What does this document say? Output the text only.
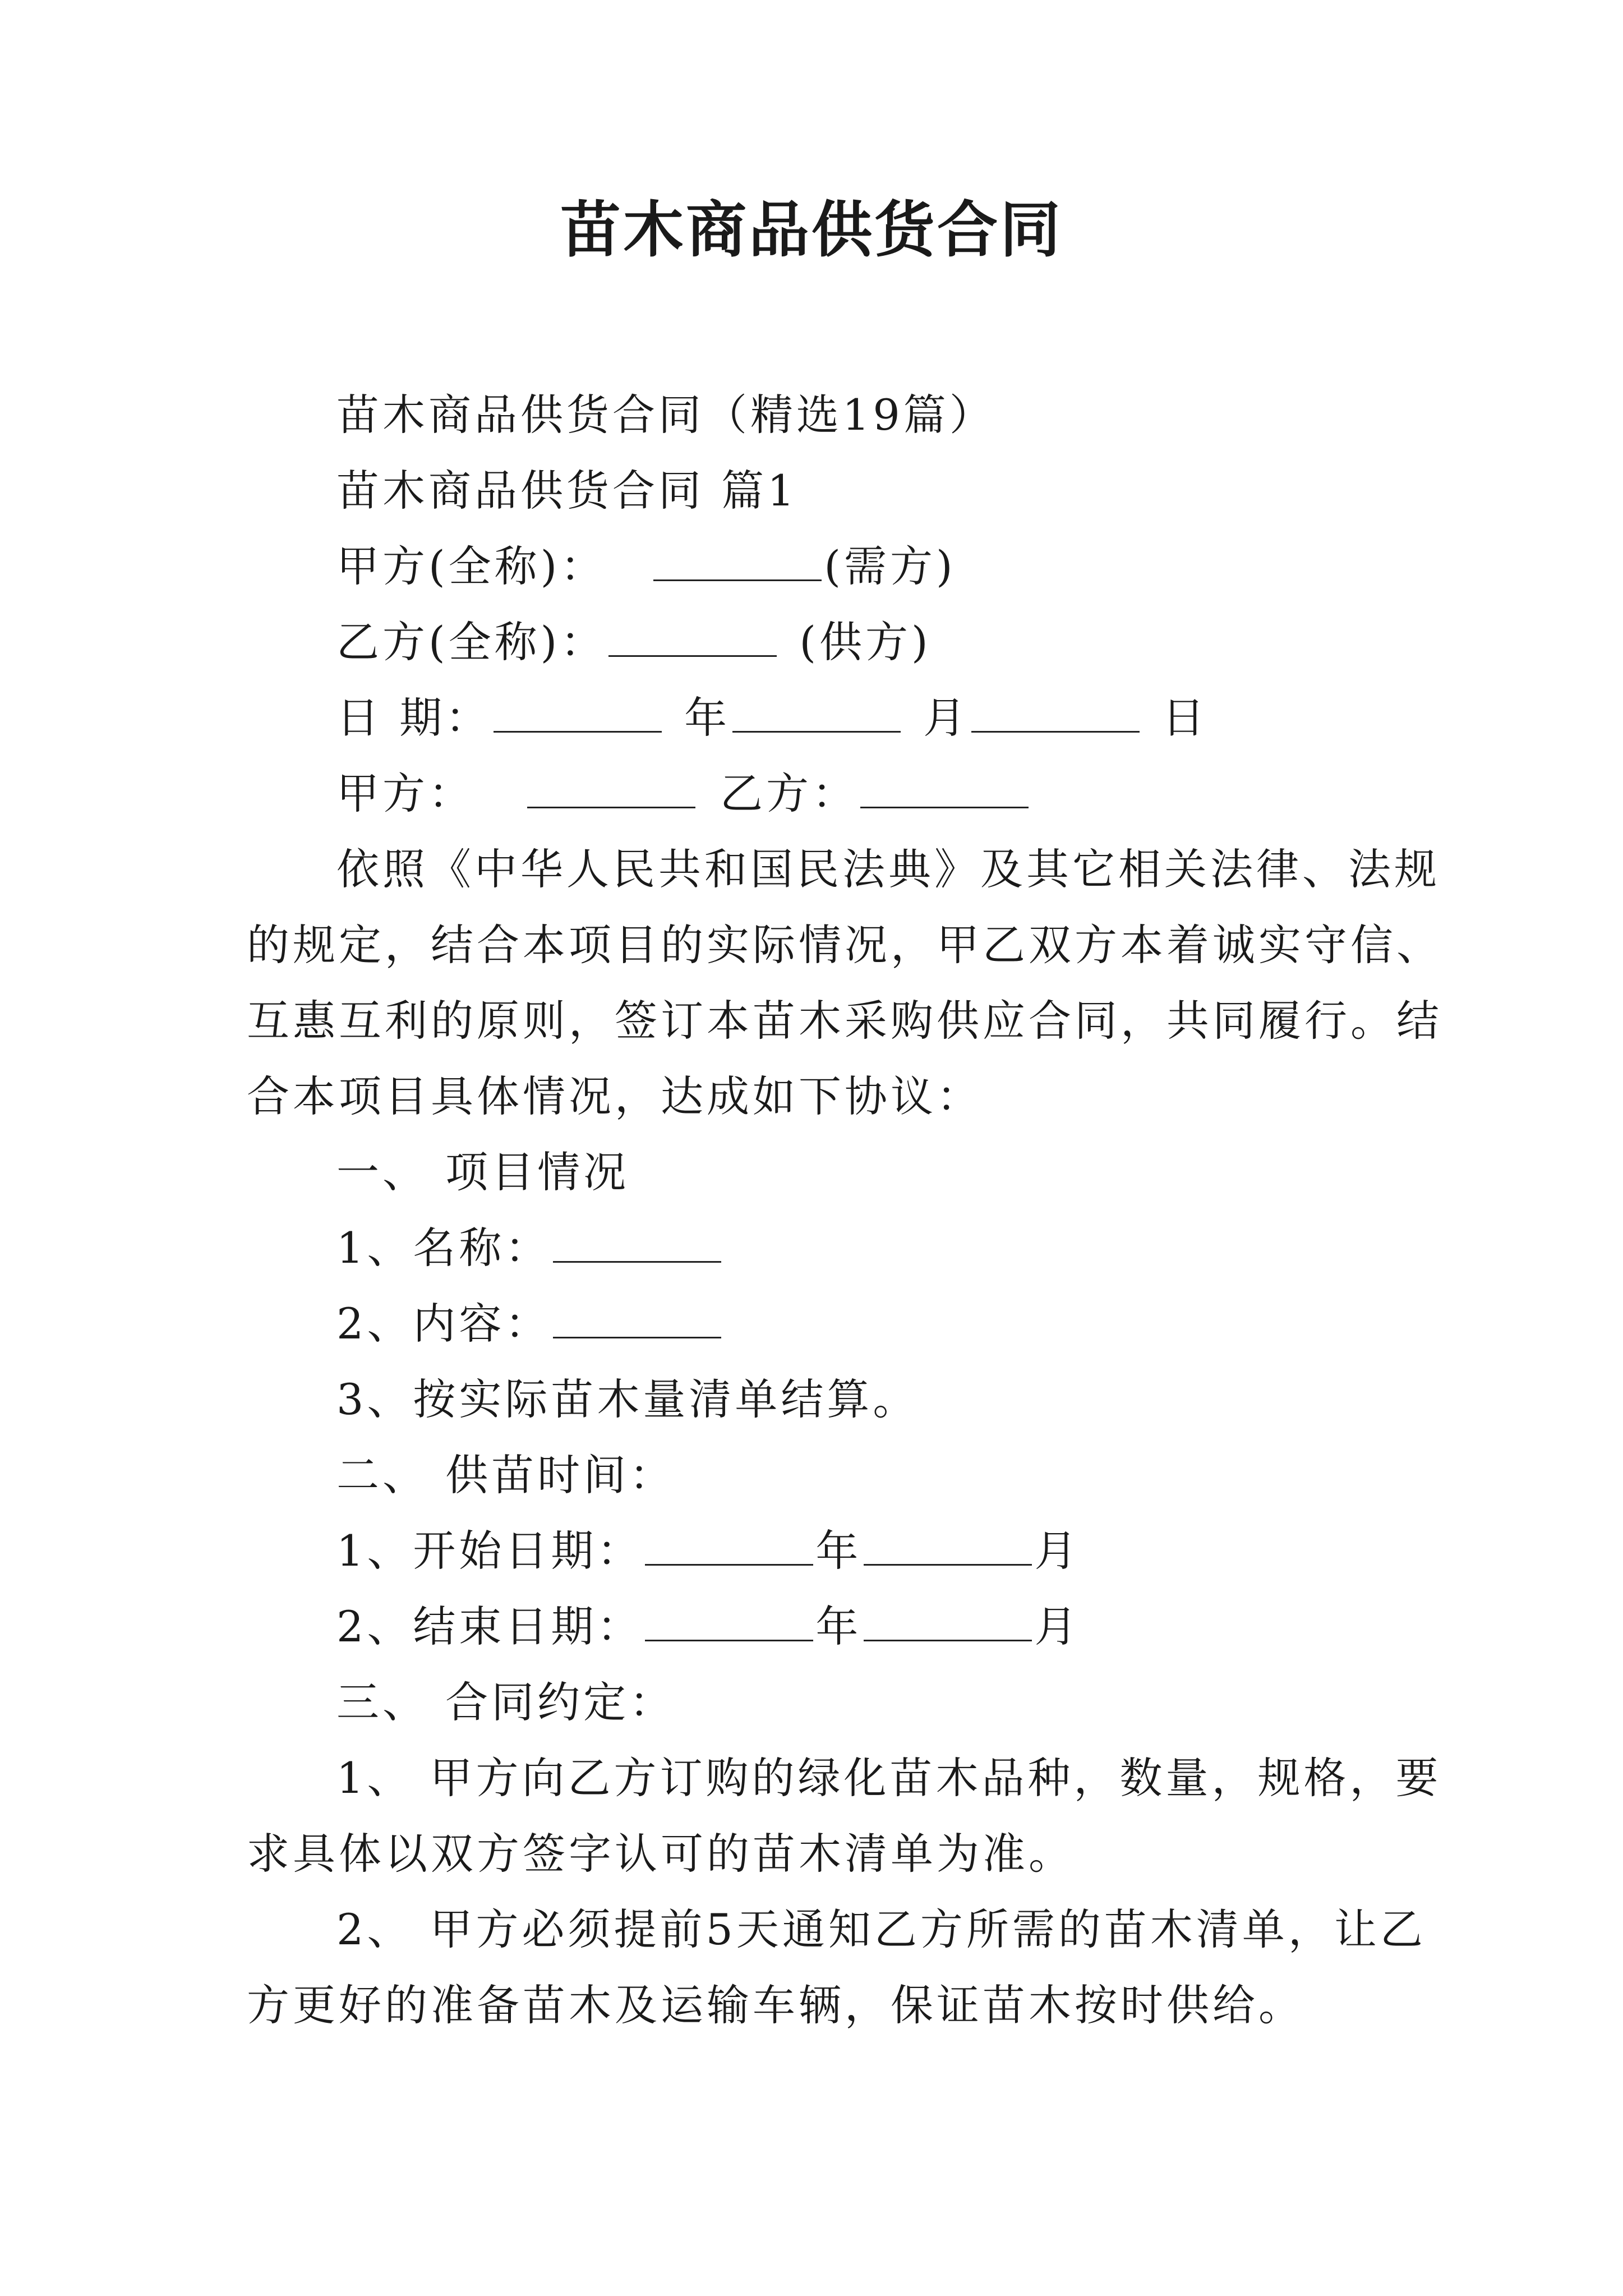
苗木商品供货合同
苗木商品供货合同（精选19篇）
苗木商品供货合同 篇1
甲方(全称)：	(需方)
乙方(全称)：	(供方)
日 期：	年	月	日
甲方：	乙方：
依照《中华人民共和国民法典》及其它相关法律、法规
的规定，结合本项目的实际情况，甲乙双方本着诚实守信、
互惠互利的原则，签订本苗木采购供应合同，共同履行。结
合本项目具体情况，达成如下协议：
一、 项目情况
1、名称：
2、内容：
3、按实际苗木量清单结算。
二、 供苗时间：
1、开始日期：	年	月
2、结束日期：	年	月
三、 合同约定：
1、 甲方向乙方订购的绿化苗木品种，数量，规格，要
求具体以双方签字认可的苗木清单为准。
2、 甲方必须提前5天通知乙方所需的苗木清单，让乙
方更好的准备苗木及运输车辆，保证苗木按时供给。
